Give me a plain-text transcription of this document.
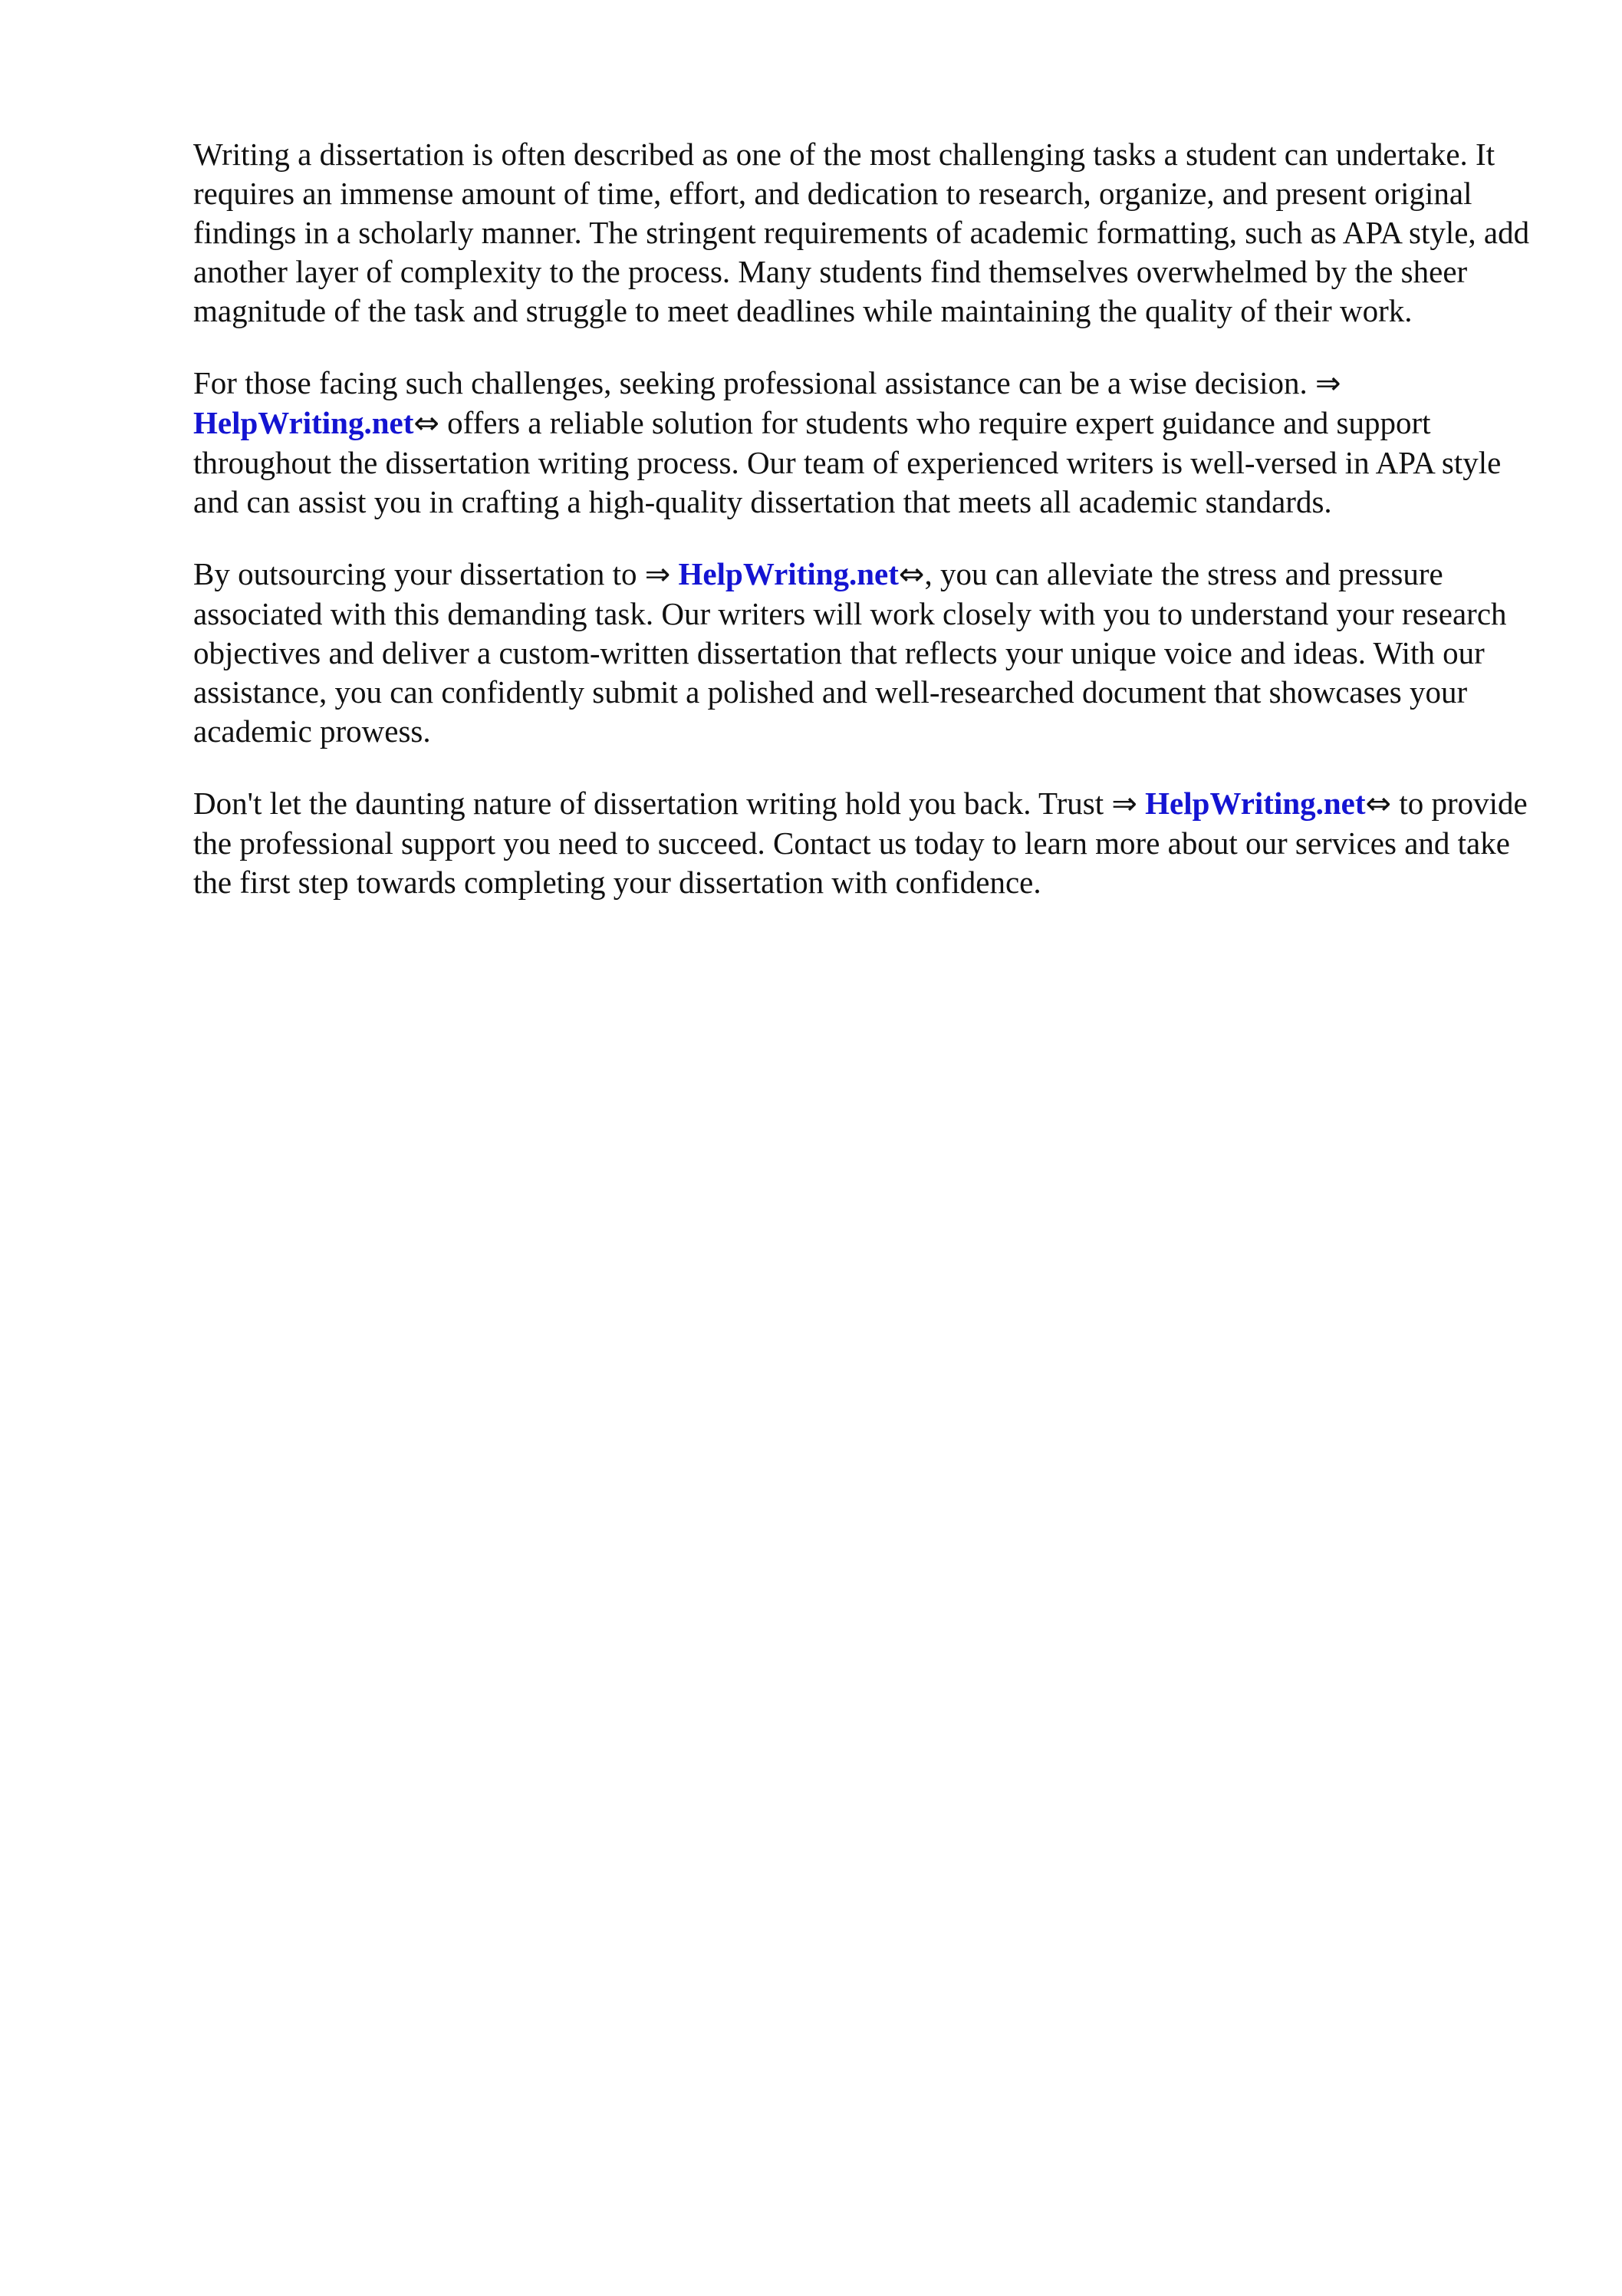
Writing a dissertation is often described as one of the most challenging tasks a student can undertake. It requires an immense amount of time, effort, and dedication to research, organize, and present original findings in a scholarly manner. The stringent requirements of academic formatting, such as APA style, add another layer of complexity to the process. Many students find themselves overwhelmed by the sheer magnitude of the task and struggle to meet deadlines while maintaining the quality of their work.

For those facing such challenges, seeking professional assistance can be a wise decision. ⇒ HelpWriting.net⇔ offers a reliable solution for students who require expert guidance and support throughout the dissertation writing process. Our team of experienced writers is well-versed in APA style and can assist you in crafting a high-quality dissertation that meets all academic standards.

By outsourcing your dissertation to ⇒ HelpWriting.net⇔, you can alleviate the stress and pressure associated with this demanding task. Our writers will work closely with you to understand your research objectives and deliver a custom-written dissertation that reflects your unique voice and ideas. With our assistance, you can confidently submit a polished and well-researched document that showcases your academic prowess.

Don't let the daunting nature of dissertation writing hold you back. Trust ⇒ HelpWriting.net⇔ to provide the professional support you need to succeed. Contact us today to learn more about our services and take the first step towards completing your dissertation with confidence.
